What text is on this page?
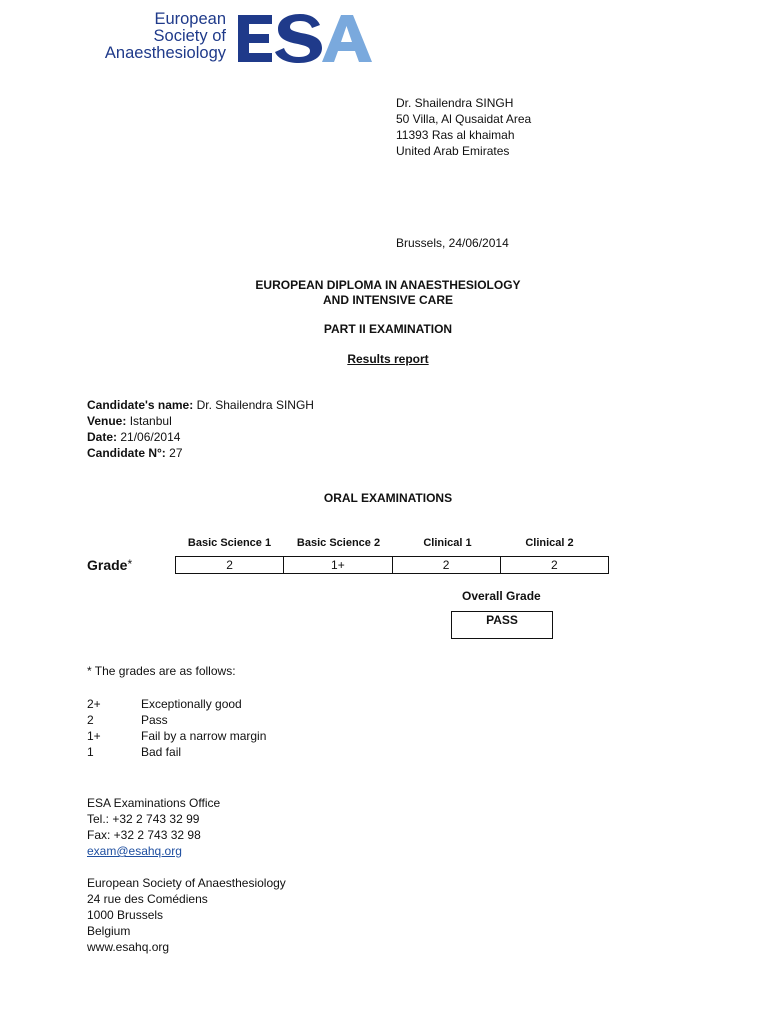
European
Society of
Anaesthesiology
Dr. Shailendra SINGH
50 Villa, Al Qusaidat Area
11393 Ras al khaimah
United Arab Emirates
Brussels, 24/06/2014
EUROPEAN DIPLOMA IN ANAESTHESIOLOGY
AND INTENSIVE CARE
PART II EXAMINATION
Results report
Candidate's name: Dr. Shailendra SINGH
Venue: Istanbul
Date: 21/06/2014
Candidate N°: 27
ORAL EXAMINATIONS
Basic Science 1	Basic Science 2	Clinical 1	Clinical 2
Grade*	2	1+	2	2
Overall Grade
PASS
* The grades are as follows:
2+	Exceptionally good
2	Pass
1+	Fail by a narrow margin
1	Bad fail
ESA Examinations Office
Tel.: +32 2 743 32 99
Fax: +32 2 743 32 98
exam@esahq.org
European Society of Anaesthesiology
24 rue des Comédiens
1000 Brussels
Belgium
www.esahq.org
